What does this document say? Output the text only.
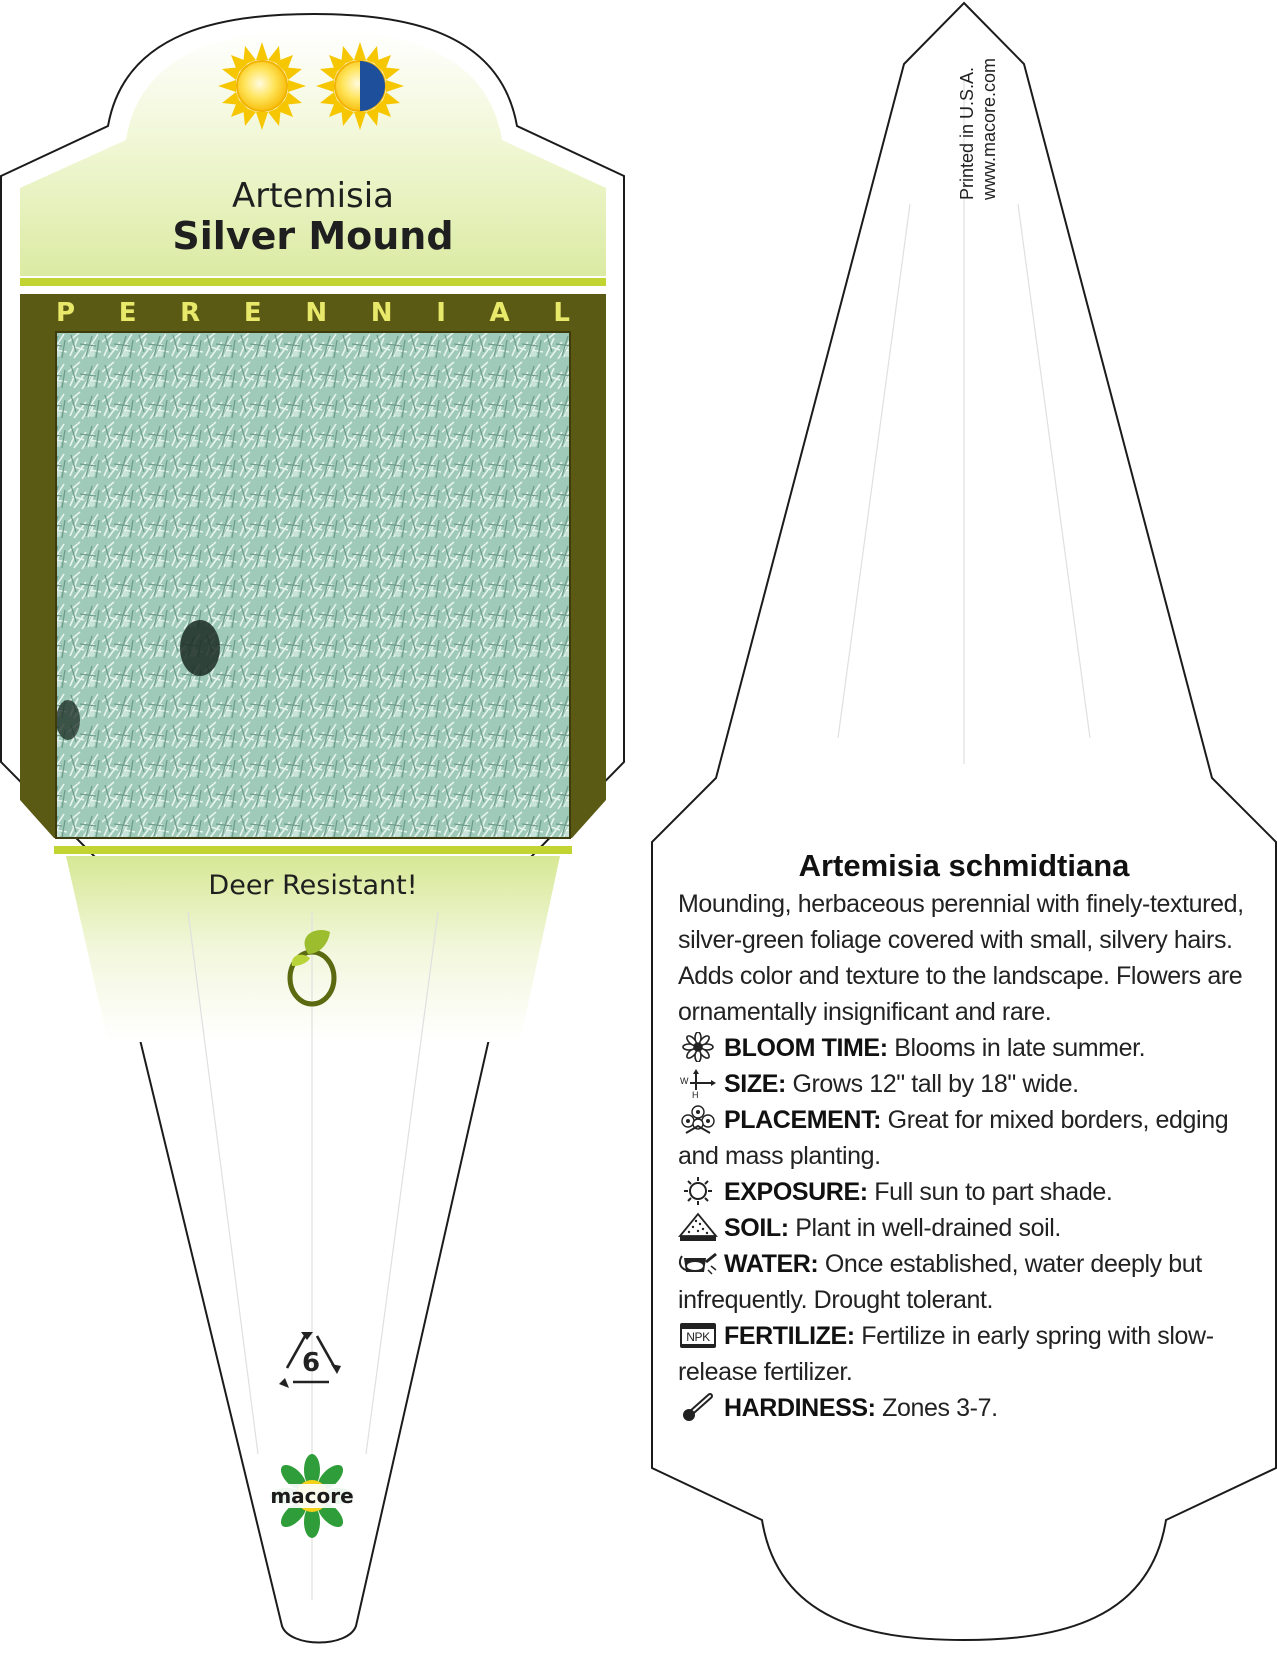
Artemisia
Silver Mound
P E R E N N I A L
Deer Resistant!
6
macore
Printed in U.S.A. www.macore.com
Artemisia schmidtiana
Mounding, herbaceous perennial with finely-textured, silver-green foliage covered with small, silvery hairs. Adds color and texture to the landscape. Flowers are ornamentally insignificant and rare.
BLOOM TIME: Blooms in late summer.
W
H SIZE: Grows 12" tall by 18" wide.
PLACEMENT: Great for mixed borders, edging and mass planting.
EXPOSURE: Full sun to part shade.
SOIL: Plant in well-drained soil.
WATER: Once established, water deeply but infrequently. Drought tolerant.
NPK FERTILIZE: Fertilize in early spring with slow-release fertilizer.
HARDINESS: Zones 3-7.
